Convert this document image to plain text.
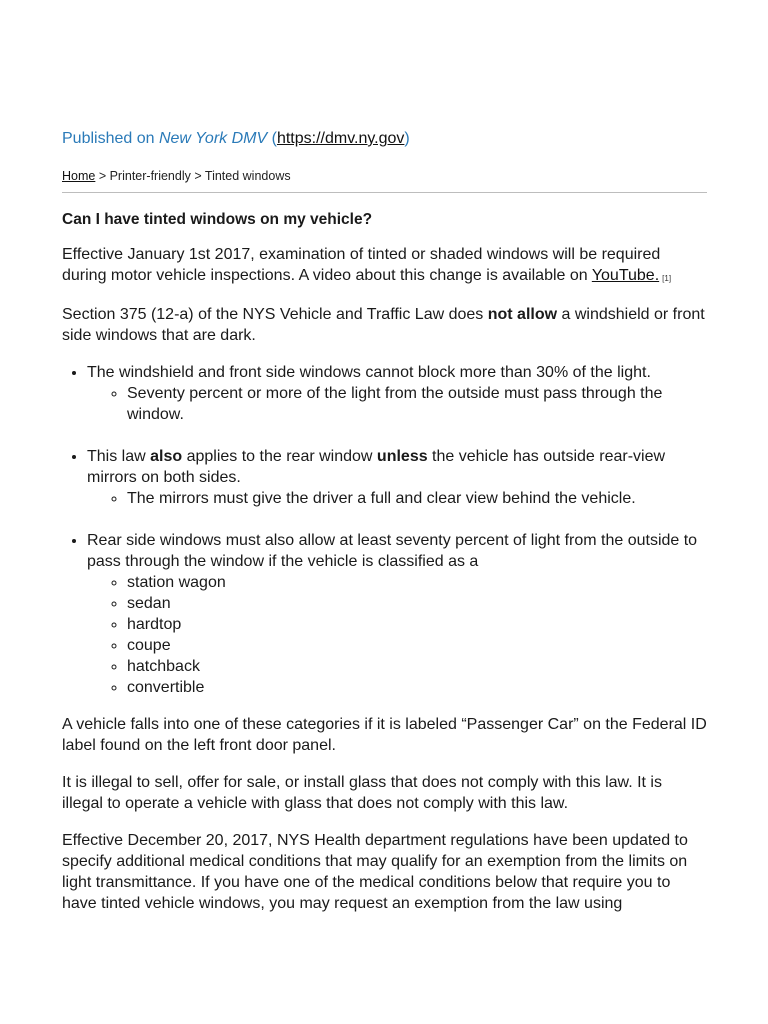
Published on New York DMV (https://dmv.ny.gov)
Home > Printer-friendly > Tinted windows
Can I have tinted windows on my vehicle?

Effective January 1st 2017, examination of tinted or shaded windows will be required during motor vehicle inspections. A video about this change is available on YouTube. [1]

Section 375 (12-a) of the NYS Vehicle and Traffic Law does not allow a windshield or front side windows that are dark.

• The windshield and front side windows cannot block more than 30% of the light.
◦ Seventy percent or more of the light from the outside must pass through the window.
• This law also applies to the rear window unless the vehicle has outside rear-view mirrors on both sides.
◦ The mirrors must give the driver a full and clear view behind the vehicle.
• Rear side windows must also allow at least seventy percent of light from the outside to pass through the window if the vehicle is classified as a
◦ station wagon
◦ sedan
◦ hardtop
◦ coupe
◦ hatchback
◦ convertible

A vehicle falls into one of these categories if it is labeled “Passenger Car” on the Federal ID label found on the left front door panel.

It is illegal to sell, offer for sale, or install glass that does not comply with this law. It is illegal to operate a vehicle with glass that does not comply with this law.

Effective December 20, 2017, NYS Health department regulations have been updated to specify additional medical conditions that may qualify for an exemption from the limits on light transmittance. If you have one of the medical conditions below that require you to have tinted vehicle windows, you may request an exemption from the law using
